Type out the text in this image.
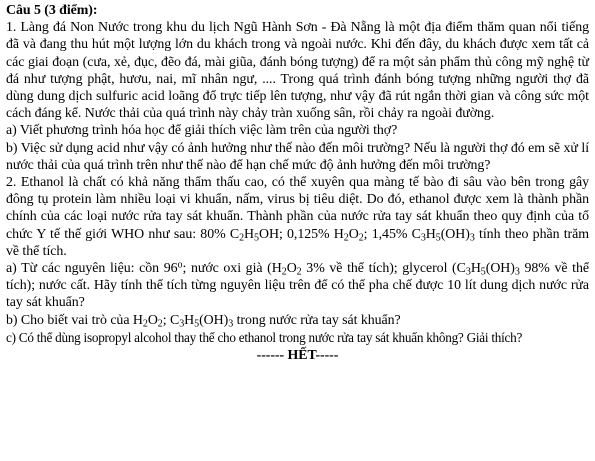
Câu 5 (3 điểm):

1. Làng đá Non Nước trong khu du lịch Ngũ Hành Sơn - Đà Nẵng là một địa điểm thăm quan nổi tiếng đã và đang thu hút một lượng lớn du khách trong và ngoài nước. Khi đến đây, du khách được xem tất cả các giai đoạn (cưa, xẻ, đục, đẽo đá, mài giũa, đánh bóng tượng) để ra một sản phẩm thủ công mỹ nghệ từ đá như tượng phật, hươu, nai, mĩ nhân ngư, .... Trong quá trình đánh bóng tượng những người thợ đã dùng dung dịch sulfuric acid loãng đổ trực tiếp lên tượng, như vậy đã rút ngắn thời gian và công sức một cách đáng kể. Nước thải của quá trình này chảy tràn xuống sân, rồi chảy ra ngoài đường.

a) Viết phương trình hóa học để giải thích việc làm trên của người thợ?

b) Việc sử dụng acid như vậy có ảnh hưởng như thế nào đến môi trường? Nếu là người thợ đó em sẽ xử lí nước thải của quá trình trên như thế nào để hạn chế mức độ ảnh hưởng đến môi trường?

2. Ethanol là chất có khả năng thẩm thấu cao, có thể xuyên qua màng tế bào đi sâu vào bên trong gây đông tụ protein làm nhiều loại vi khuẩn, nấm, virus bị tiêu diệt. Do đó, ethanol được xem là thành phần chính của các loại nước rửa tay sát khuẩn. Thành phần của nước rửa tay sát khuẩn theo quy định của tổ chức Y tế thế giới WHO như sau: 80% $C_2H_5OH$; 0,125% $H_2O_2$; 1,45% $C_3H_5(OH)_3$ tính theo phần trăm về thể tích.

a) Từ các nguyên liệu: cồn 96$^o$; nước oxi già ($H_2O_2$ 3% về thể tích); glycerol ($C_3H_5(OH)_3$ 98% về thể tích); nước cất. Hãy tính thể tích từng nguyên liệu trên để có thể pha chế được 10 lít dung dịch nước rửa tay sát khuẩn?

b) Cho biết vai trò của $H_2O_2$; $C_3H_5(OH)_3$ trong nước rửa tay sát khuẩn?

c) Có thể dùng isopropyl alcohol thay thế cho ethanol trong nước rửa tay sát khuẩn không? Giải thích?

------ HẾT-----
